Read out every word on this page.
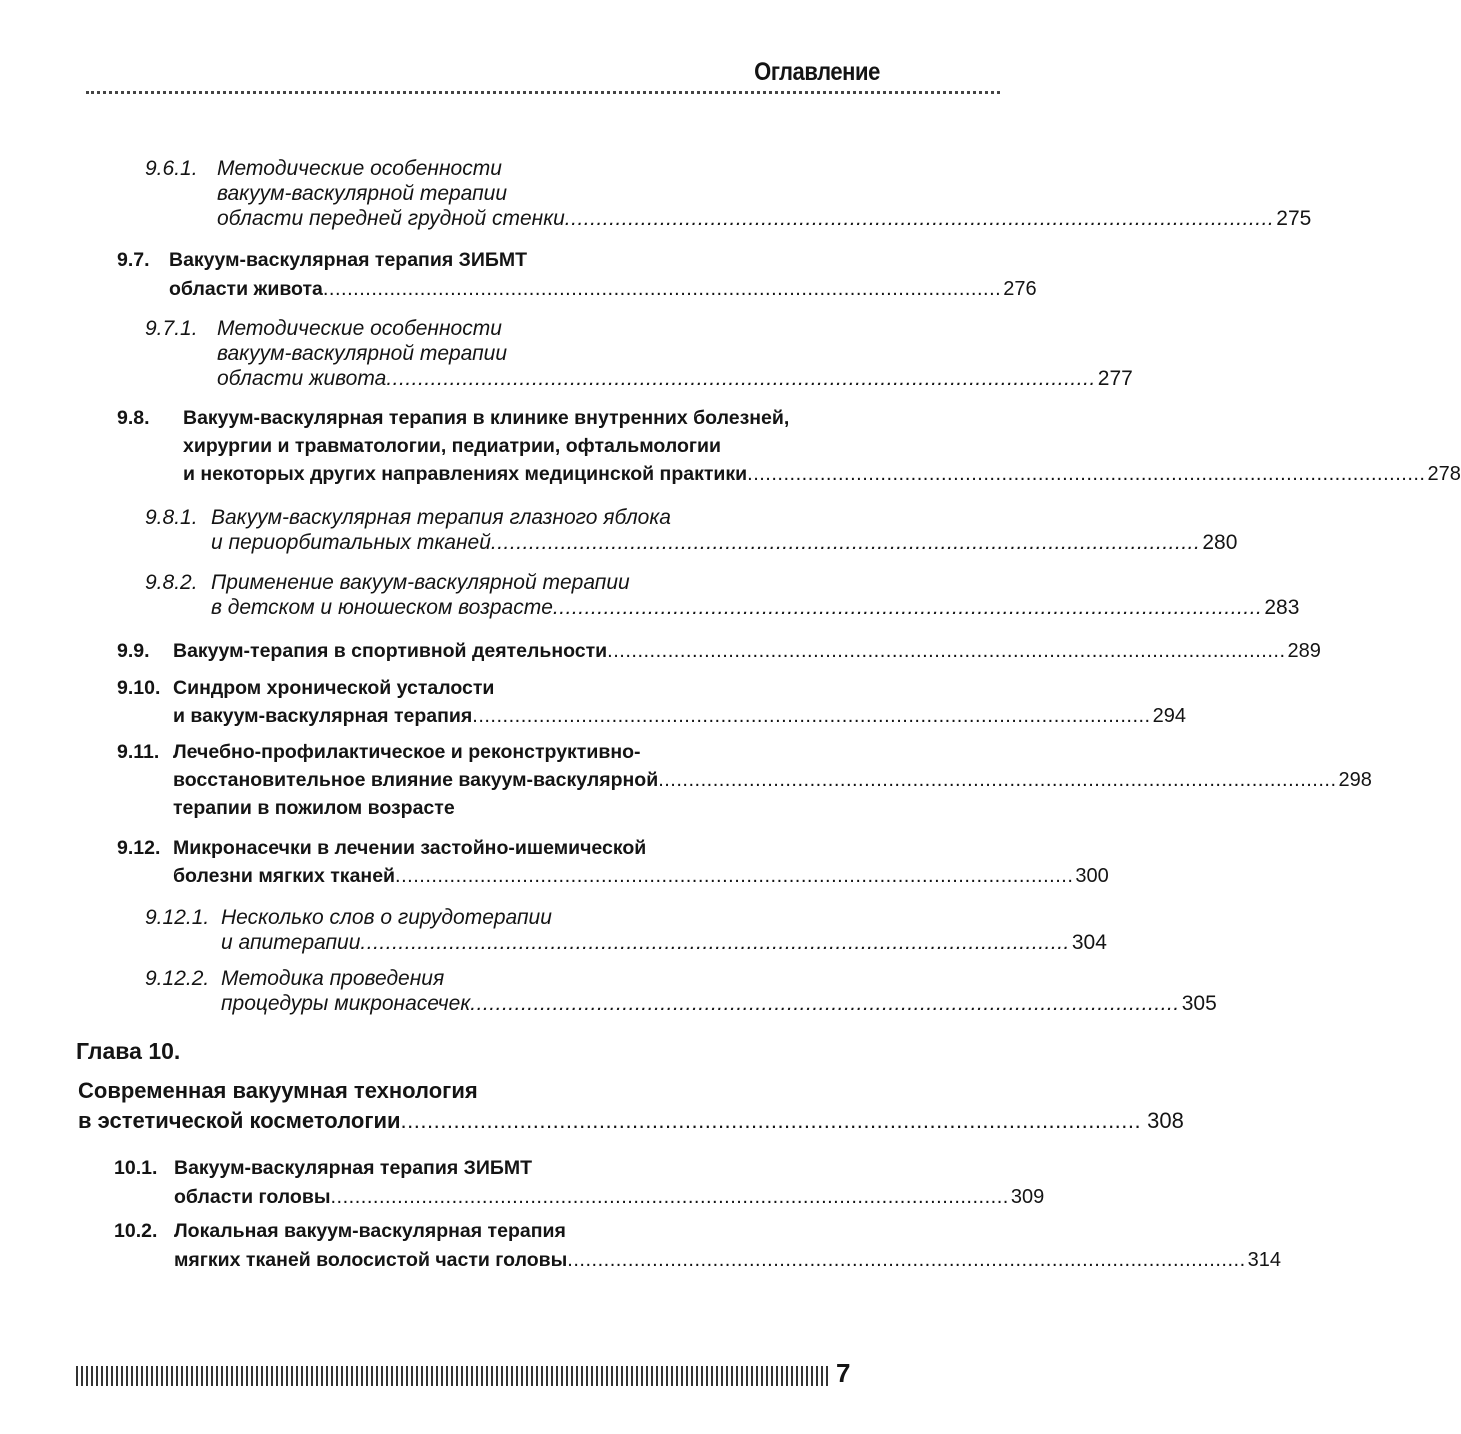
Оглавление
9.6.1. Методические особенности
вакуум-васкулярной терапии
области передней грудной стенки ................................................................................................................ 275
9.7. Вакуум-васкулярная терапия ЗИБМТ
области живота ................................................................................................................ 276
9.7.1. Методические особенности
вакуум-васкулярной терапии
области живота ................................................................................................................ 277
9.8. Вакуум-васкулярная терапия в клинике внутренних болезней,
хирургии и травматологии, педиатрии, офтальмологии
и некоторых других направлениях медицинской практики ................................................................................................................ 278
9.8.1. Вакуум-васкулярная терапия глазного яблока
и периорбитальных тканей ................................................................................................................ 280
9.8.2. Применение вакуум-васкулярной терапии
в детском и юношеском возрасте ................................................................................................................ 283
9.9. Вакуум-терапия в спортивной деятельности ................................................................................................................ 289
9.10. Синдром хронической усталости
и вакуум-васкулярная терапия ................................................................................................................ 294
9.11. Лечебно-профилактическое и реконструктивно-
восстановительное влияние вакуум-васкулярной ................................................................................................................ 298
терапии в пожилом возрасте
9.12. Микронасечки в лечении застойно-ишемической
болезни мягких тканей ................................................................................................................ 300
9.12.1. Несколько слов о гирудотерапии
и апитерапии ................................................................................................................ 304
9.12.2. Методика проведения
процедуры микронасечек ................................................................................................................ 305
Глава 10.
Современная вакуумная технология
в эстетической косметологии ................................................................................................................ 308
10.1. Вакуум-васкулярная терапия ЗИБМТ
области головы ................................................................................................................ 309
10.2. Локальная вакуум-васкулярная терапия
мягких тканей волосистой части головы ................................................................................................................ 314
7
